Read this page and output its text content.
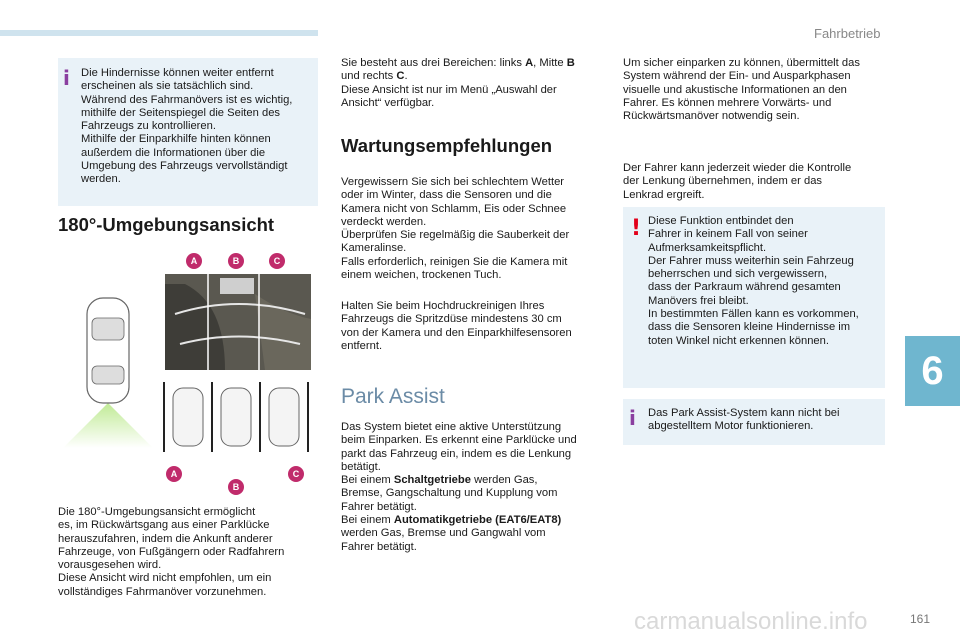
Fahrbetrieb
i Die Hindernisse können weiter entfernt
erscheinen als sie tatsächlich sind.
Während des Fahrmanövers ist es wichtig,
mithilfe der Seitenspiegel die Seiten des
Fahrzeugs zu kontrollieren.
Mithilfe der Einparkhilfe hinten können
außerdem die Informationen über die
Umgebung des Fahrzeugs vervollständigt
werden.

180°-Umgebungsansicht
A	B	C
A
B
C

Die 180°-Umgebungsansicht ermöglicht
es, im Rückwärtsgang aus einer Parklücke
herauszufahren, indem die Ankunft anderer
Fahrzeuge, von Fußgängern oder Radfahrern
vorausgesehen wird.
Diese Ansicht wird nicht empfohlen, um ein
vollständiges Fahrmanöver vorzunehmen.

Sie besteht aus drei Bereichen: links A, Mitte B
und rechts C.
Diese Ansicht ist nur im Menü „Auswahl der
Ansicht“ verfügbar.

Wartungsempfehlungen

Vergewissern Sie sich bei schlechtem Wetter
oder im Winter, dass die Sensoren und die
Kamera nicht von Schlamm, Eis oder Schnee
verdeckt werden.
Überprüfen Sie regelmäßig die Sauberkeit der
Kameralinse.
Falls erforderlich, reinigen Sie die Kamera mit
einem weichen, trockenen Tuch.

Halten Sie beim Hochdruckreinigen Ihres
Fahrzeugs die Spritzdüse mindestens 30 cm
von der Kamera und den Einparkhilfesensoren
entfernt.

Park Assist

Das System bietet eine aktive Unterstützung
beim Einparken. Es erkennt eine Parklücke und
parkt das Fahrzeug ein, indem es die Lenkung
betätigt.
Bei einem Schaltgetriebe werden Gas,
Bremse, Gangschaltung und Kupplung vom
Fahrer betätigt.
Bei einem Automatikgetriebe (EAT6/EAT8)
werden Gas, Bremse und Gangwahl vom
Fahrer betätigt.

Um sicher einparken zu können, übermittelt das
System während der Ein- und Ausparkphasen
visuelle und akustische Informationen an den
Fahrer. Es können mehrere Vorwärts- und
Rückwärtsmanöver notwendig sein.

Der Fahrer kann jederzeit wieder die Kontrolle
der Lenkung übernehmen, indem er das
Lenkrad ergreift.

! Diese Funktion entbindet den
Fahrer in keinem Fall von seiner
Aufmerksamkeitspflicht.
Der Fahrer muss weiterhin sein Fahrzeug
beherrschen und sich vergewissern,
dass der Parkraum während gesamten
Manövers frei bleibt.
In bestimmten Fällen kann es vorkommen,
dass die Sensoren kleine Hindernisse im
toten Winkel nicht erkennen können.

i Das Park Assist-System kann nicht bei
abgestelltem Motor funktionieren.

6
carmanualsonline.info	161
